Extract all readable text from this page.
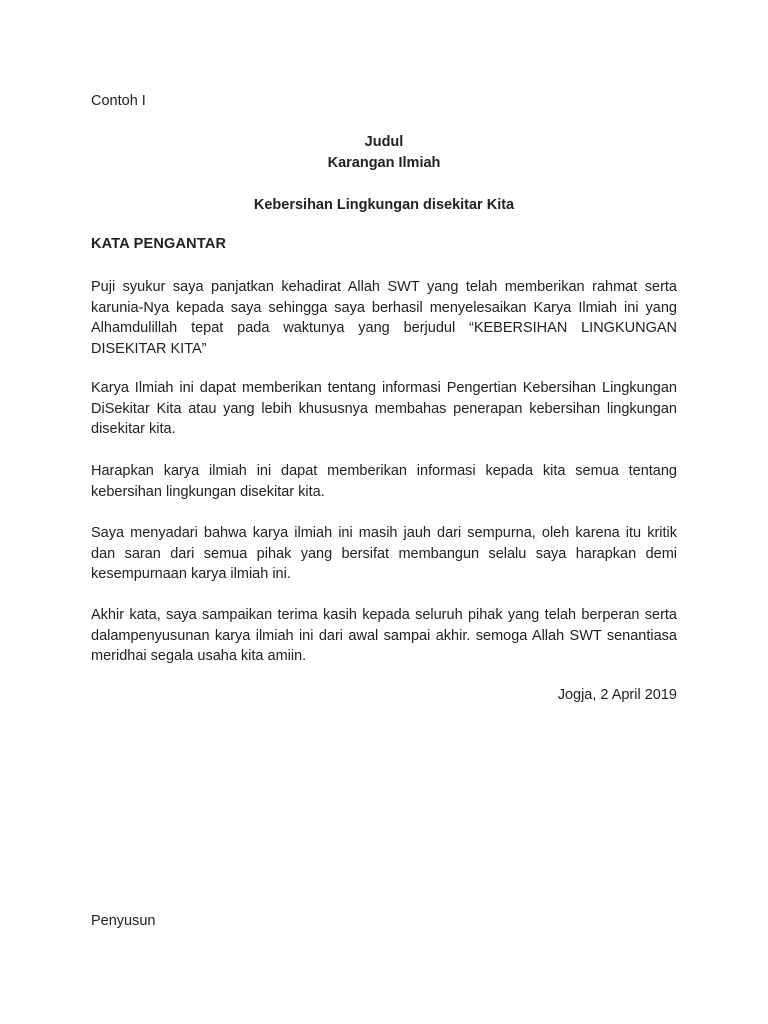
Contoh I
Judul
Karangan Ilmiah
Kebersihan Lingkungan disekitar Kita
KATA PENGANTAR

Puji syukur saya panjatkan kehadirat Allah SWT yang telah memberikan rahmat serta karunia-Nya kepada saya sehingga saya berhasil menyelesaikan Karya Ilmiah ini yang Alhamdulillah tepat pada waktunya yang berjudul “KEBERSIHAN LINGKUNGAN DISEKITAR KITA”

Karya Ilmiah ini dapat memberikan tentang informasi Pengertian Kebersihan Lingkungan DiSekitar Kita atau yang lebih khususnya membahas penerapan kebersihan lingkungan disekitar kita.

Harapkan karya ilmiah ini dapat memberikan informasi kepada kita semua tentang kebersihan lingkungan disekitar kita.

Saya menyadari bahwa karya ilmiah ini masih jauh dari sempurna, oleh karena itu kritik dan saran dari semua pihak yang bersifat membangun selalu saya harapkan demi kesempurnaan karya ilmiah ini.

Akhir kata, saya sampaikan terima kasih kepada seluruh pihak yang telah berperan serta dalampenyusunan karya ilmiah ini dari awal sampai akhir. semoga Allah SWT senantiasa meridhai segala usaha kita amiin.

Jogja, 2 April 2019
Penyusun
